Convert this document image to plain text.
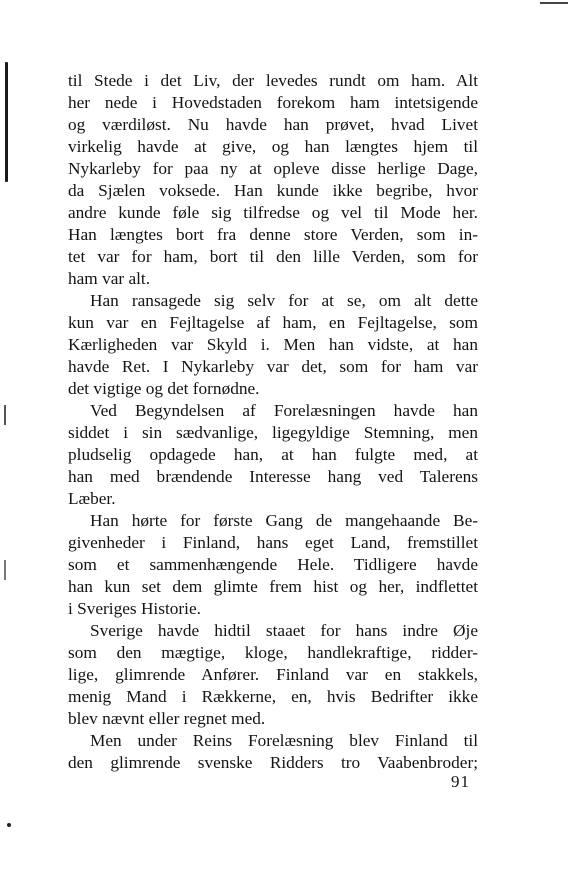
til Stede i det Liv, der levedes rundt om ham. Alt
her nede i Hovedstaden forekom ham intetsigende
og værdiløst. Nu havde han prøvet, hvad Livet
virkelig havde at give, og han længtes hjem til
Nykarleby for paa ny at opleve disse herlige Dage,
da Sjælen voksede. Han kunde ikke begribe, hvor
andre kunde føle sig tilfredse og vel til Mode her.
Han længtes bort fra denne store Verden, som in-
tet var for ham, bort til den lille Verden, som for
ham var alt.
Han ransagede sig selv for at se, om alt dette
kun var en Fejltagelse af ham, en Fejltagelse, som
Kærligheden var Skyld i. Men han vidste, at han
havde Ret. I Nykarleby var det, som for ham var
det vigtige og det fornødne.
Ved Begyndelsen af Forelæsningen havde han
siddet i sin sædvanlige, ligegyldige Stemning, men
pludselig opdagede han, at han fulgte med, at
han med brændende Interesse hang ved Talerens
Læber.
Han hørte for første Gang de mangehaande Be-
givenheder i Finland, hans eget Land, fremstillet
som et sammenhængende Hele. Tidligere havde
han kun set dem glimte frem hist og her, indflettet
i Sveriges Historie.
Sverige havde hidtil staaet for hans indre Øje
som den mægtige, kloge, handlekraftige, ridder-
lige, glimrende Anfører. Finland var en stakkels,
menig Mand i Rækkerne, en, hvis Bedrifter ikke
blev nævnt eller regnet med.
Men under Reins Forelæsning blev Finland til
den glimrende svenske Ridders tro Vaabenbroder;
91
